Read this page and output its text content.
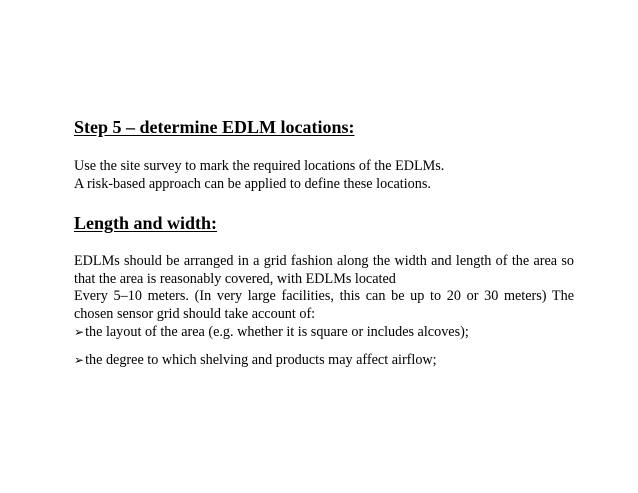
Step 5 – determine EDLM locations:

Use the site survey to mark the required locations of the EDLMs.
A risk-based approach can be applied to define these locations.

Length and width:

EDLMs should be arranged in a grid fashion along the width and length of the area so
that the area is reasonably covered, with EDLMs located
Every 5–10 meters. (In very large facilities, this can be up to 20 or 30 meters) The
chosen sensor grid should take account of:

➢the layout of the area (e.g. whether it is square or includes alcoves);

➢the degree to which shelving and products may affect airflow;
